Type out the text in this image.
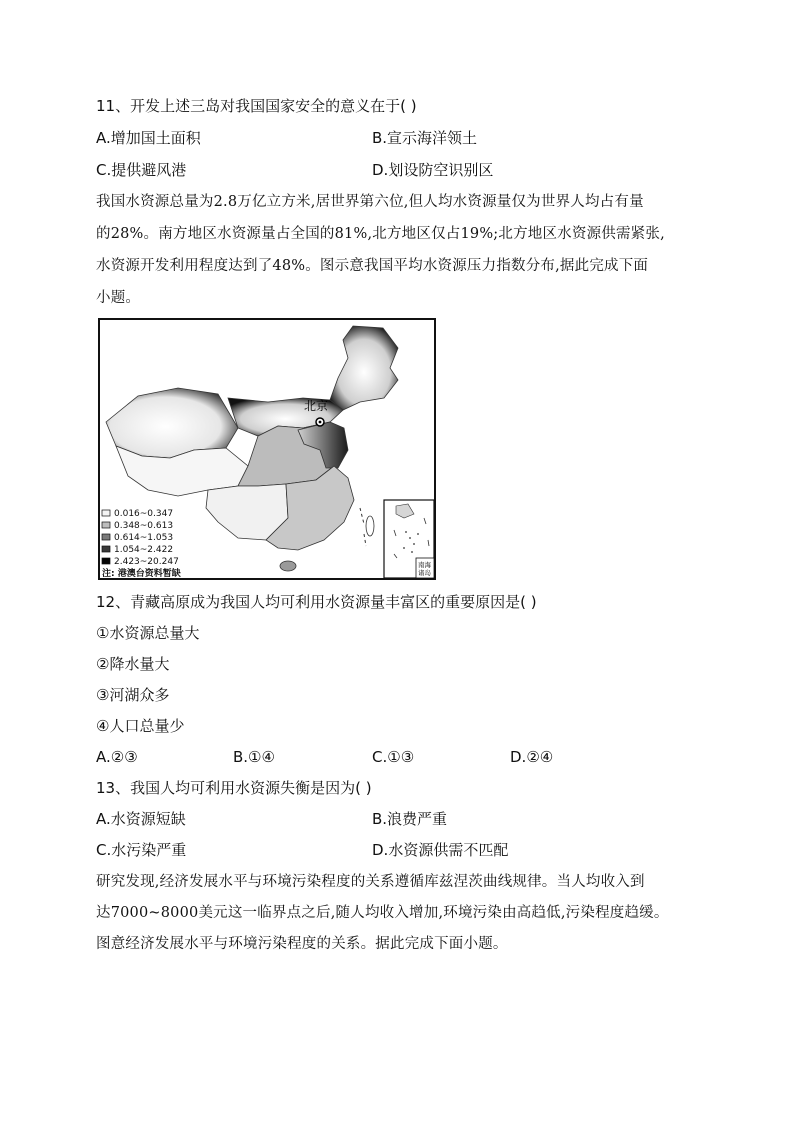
11、开发上述三岛对我国国家安全的意义在于( )
A.增加国土面积	B.宣示海洋领土
C.提供避风港	D.划设防空识别区
我国水资源总量为2.8万亿立方米,居世界第六位,但人均水资源量仅为世界人均占有量
的28%。南方地区水资源量占全国的81%,北方地区仅占19%;北方地区水资源供需紧张,
水资源开发利用程度达到了48%。图示意我国平均水资源压力指数分布,据此完成下面
小题。
北京
南海
诸岛
0.016~0.347
0.348~0.613
0.614~1.053
1.054~2.422
2.423~20.247
注: 港澳台资料暂缺
12、青藏高原成为我国人均可利用水资源量丰富区的重要原因是( )
①水资源总量大
②降水量大
③河湖众多
④人口总量少
A.②③	B.①④	C.①③	D.②④
13、我国人均可利用水资源失衡是因为( )
A.水资源短缺	B.浪费严重
C.水污染严重	D.水资源供需不匹配
研究发现,经济发展水平与环境污染程度的关系遵循库兹涅茨曲线规律。当人均收入到
达7000~8000美元这一临界点之后,随人均收入增加,环境污染由高趋低,污染程度趋缓。
图意经济发展水平与环境污染程度的关系。据此完成下面小题。
